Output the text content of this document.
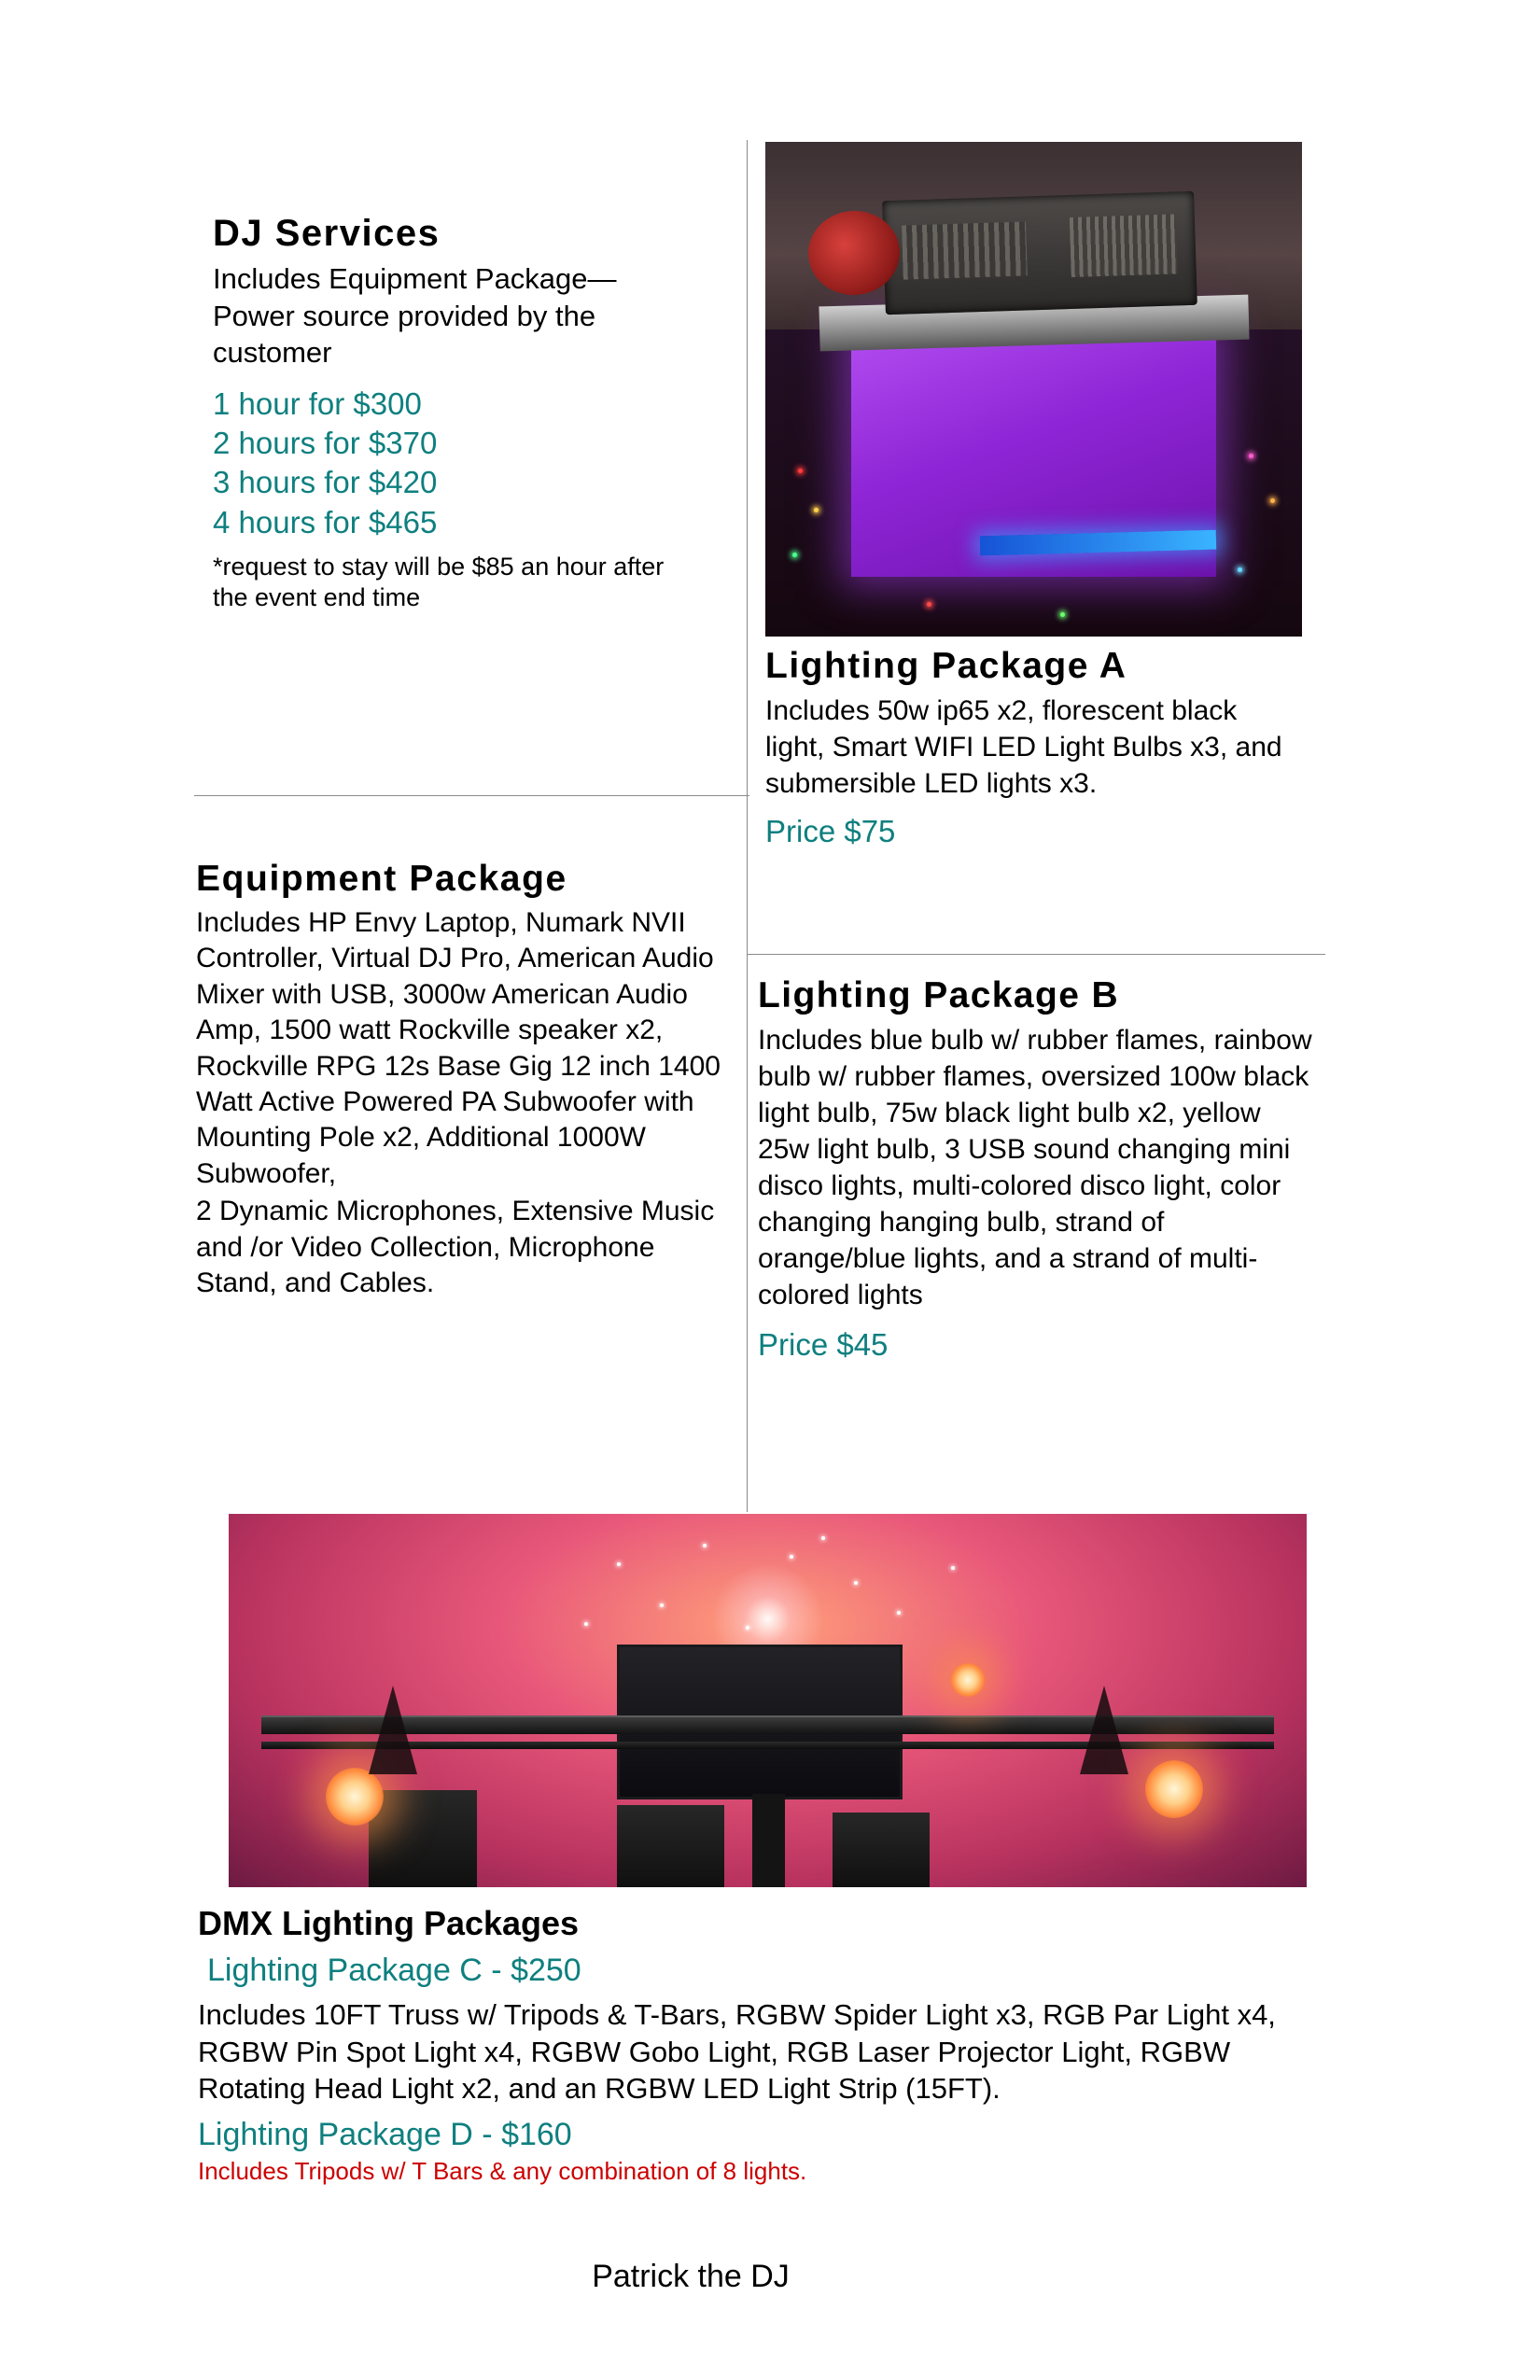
DJ Services
Includes Equipment Package—Power source provided by the customer
1 hour for $300
2 hours for $370
3 hours for $420
4 hours for $465
*request to stay will be $85 an hour after the event end time
Lighting Package A
Includes 50w ip65 x2, florescent black light, Smart WIFI LED Light Bulbs x3, and submersible LED lights x3.
Price $75
Lighting Package B
Includes blue bulb w/ rubber flames, rainbow bulb w/ rubber flames, oversized 100w black light bulb, 75w black light bulb x2, yellow 25w light bulb, 3 USB sound changing mini disco lights, multi-colored disco light, color changing hanging bulb, strand of orange/blue lights, and a strand of multi-colored lights
Price $45
Equipment Package
Includes HP Envy Laptop, Numark NVII Controller, Virtual DJ Pro, American Audio Mixer with USB, 3000w American Audio Amp, 1500 watt Rockville speaker x2, Rockville RPG 12s Base Gig 12 inch 1400 Watt Active Powered PA Subwoofer with Mounting Pole x2, Additional 1000W Subwoofer,
2 Dynamic Microphones, Extensive Music and /or Video Collection, Microphone Stand, and Cables.
DMX Lighting Packages
Lighting Package C - $250
Includes 10FT Truss w/ Tripods & T-Bars, RGBW Spider Light x3, RGB Par Light x4, RGBW Pin Spot Light x4, RGBW Gobo Light, RGB Laser Projector Light, RGBW Rotating Head Light x2, and an RGBW LED Light Strip (15FT).
Lighting Package D - $160
Includes Tripods w/ T Bars & any combination of 8 lights.
Patrick the DJ
